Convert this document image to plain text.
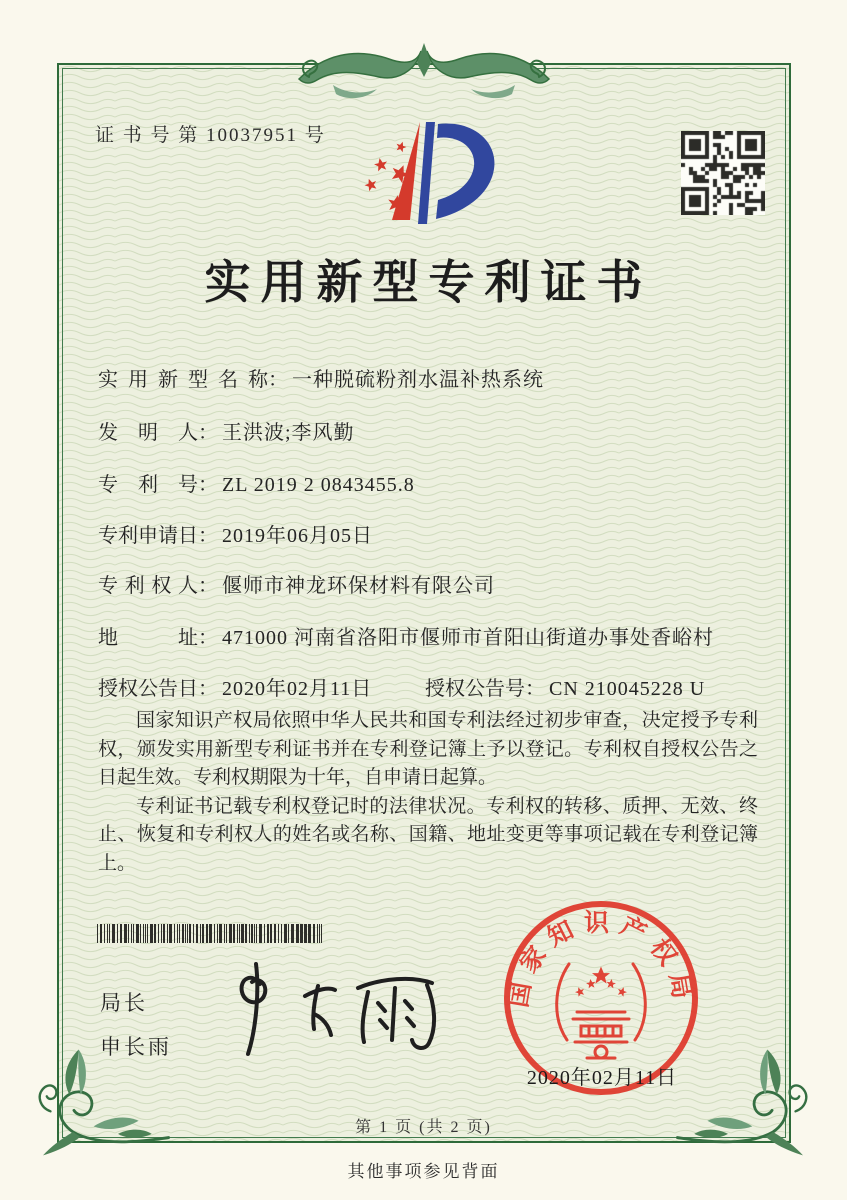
证 书 号 第 10037951 号
实用新型专利证书
实用新型名称： 一种脱硫粉剂水温补热系统
发明人： 王洪波;李风勤
专利号： ZL 2019 2 0843455.8
专利申请日： 2019年06月05日
专利权人： 偃师市神龙环保材料有限公司
地址： 471000 河南省洛阳市偃师市首阳山街道办事处香峪村
授权公告日： 2020年02月11日	授权公告号： CN 210045228 U

国家知识产权局依照中华人民共和国专利法经过初步审查，决定授予专利权，颁发实用新型专利证书并在专利登记簿上予以登记。专利权自授权公告之日起生效。专利权期限为十年，自申请日起算。

专利证书记载专利权登记时的法律状况。专利权的转移、质押、无效、终止、恢复和专利权人的姓名或名称、国籍、地址变更等事项记载在专利登记簿上。

局长
申长雨
国家知识产权局
2020年02月11日
第 1 页 (共 2 页)
其他事项参见背面
